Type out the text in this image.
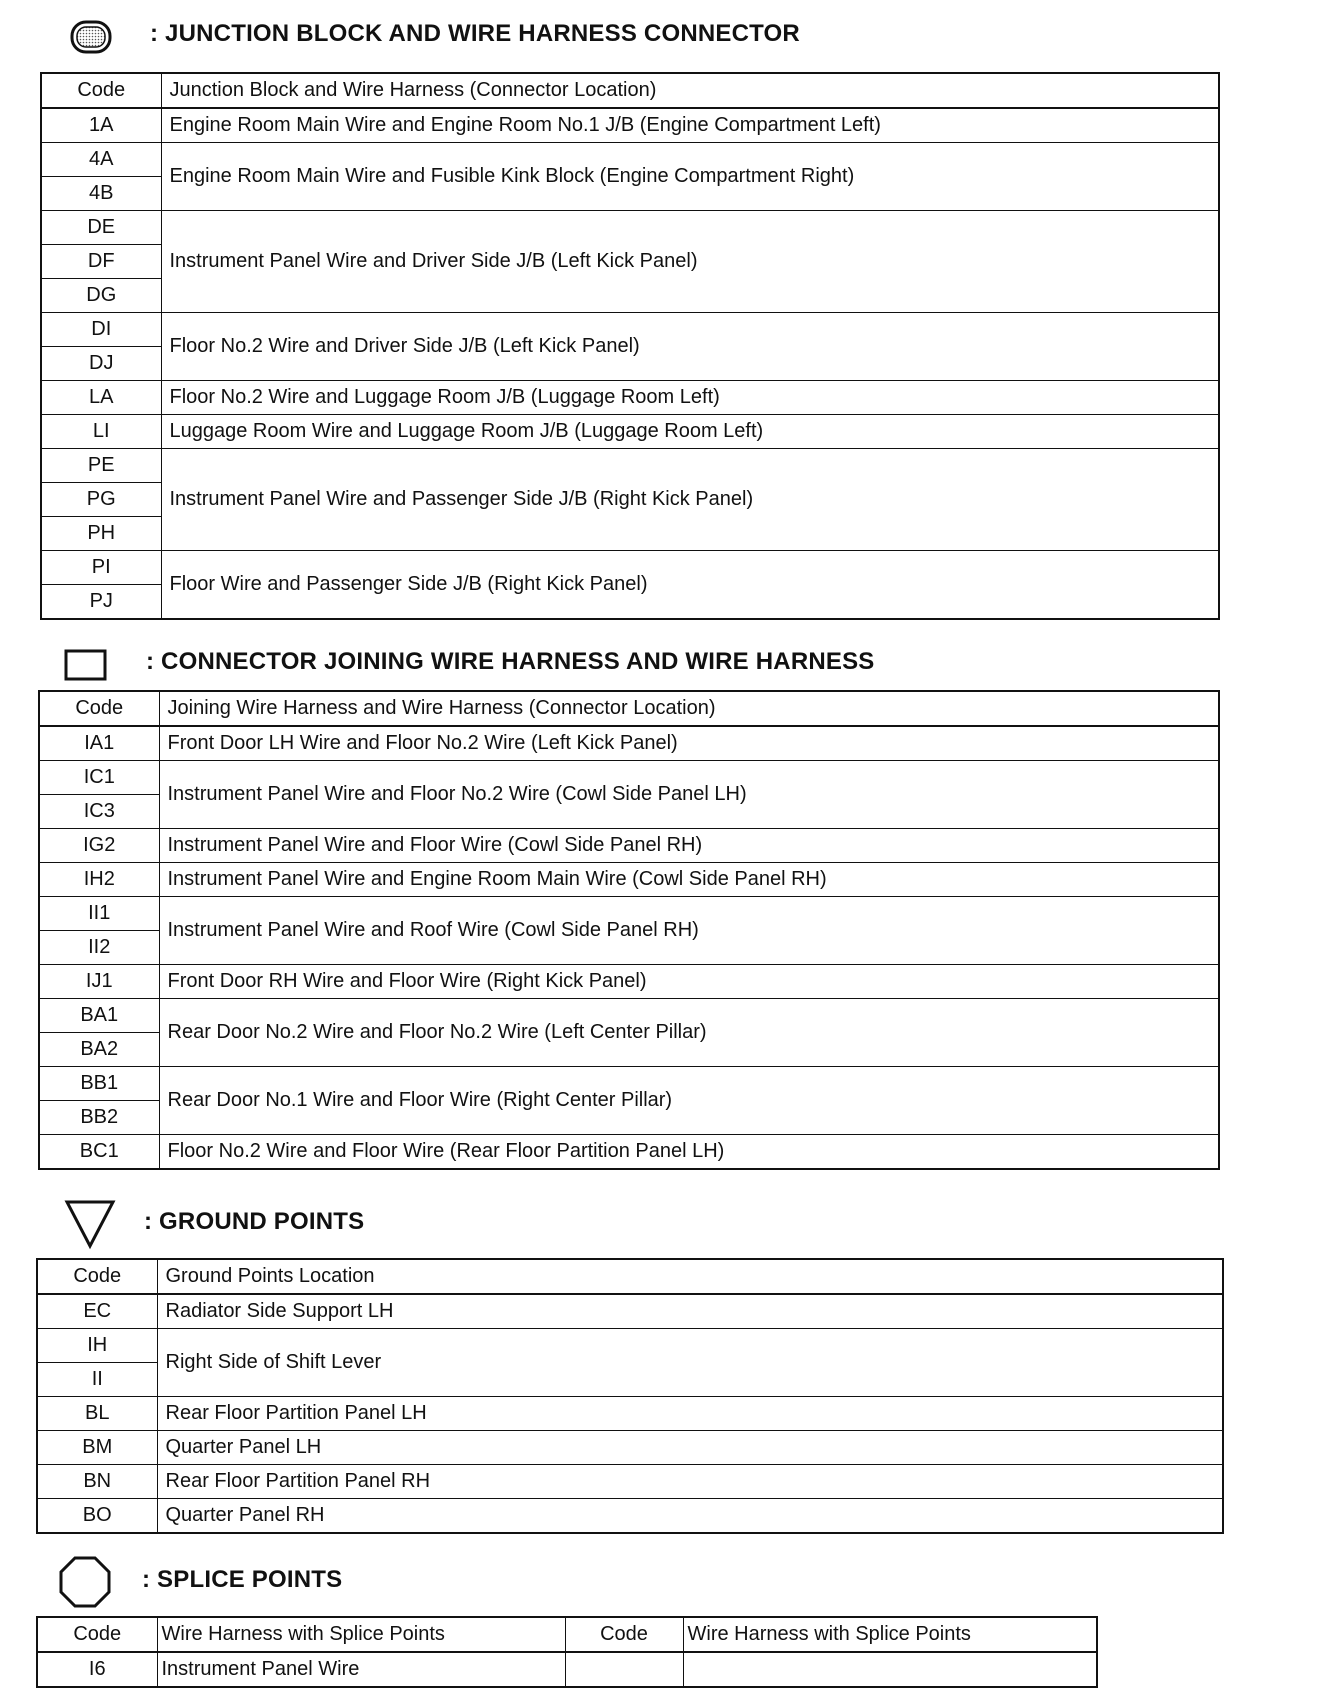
: JUNCTION BLOCK AND WIRE HARNESS CONNECTOR
Code	Junction Block and Wire Harness (Connector Location)
1A	Engine Room Main Wire and Engine Room No.1 J/B (Engine Compartment Left)
4A	Engine Room Main Wire and Fusible Kink Block (Engine Compartment Right)
4B	
DE	Instrument Panel Wire and Driver Side J/B (Left Kick Panel)
DF	
DG	
DI	Floor No.2 Wire and Driver Side J/B (Left Kick Panel)
DJ	
LA	Floor No.2 Wire and Luggage Room J/B (Luggage Room Left)
LI	Luggage Room Wire and Luggage Room J/B (Luggage Room Left)
PE	Instrument Panel Wire and Passenger Side J/B (Right Kick Panel)
PG	
PH	
PI	Floor Wire and Passenger Side J/B (Right Kick Panel)
PJ	
: CONNECTOR JOINING WIRE HARNESS AND WIRE HARNESS
Code	Joining Wire Harness and Wire Harness (Connector Location)
IA1	Front Door LH Wire and Floor No.2 Wire (Left Kick Panel)
IC1	Instrument Panel Wire and Floor No.2 Wire (Cowl Side Panel LH)
IC3	
IG2	Instrument Panel Wire and Floor Wire (Cowl Side Panel RH)
IH2	Instrument Panel Wire and Engine Room Main Wire (Cowl Side Panel RH)
II1	Instrument Panel Wire and Roof Wire (Cowl Side Panel RH)
II2	
IJ1	Front Door RH Wire and Floor Wire (Right Kick Panel)
BA1	Rear Door No.2 Wire and Floor No.2 Wire (Left Center Pillar)
BA2	
BB1	Rear Door No.1 Wire and Floor Wire (Right Center Pillar)
BB2	
BC1	Floor No.2 Wire and Floor Wire (Rear Floor Partition Panel LH)
: GROUND POINTS
Code	Ground Points Location
EC	Radiator Side Support LH
IH	Right Side of Shift Lever
II	
BL	Rear Floor Partition Panel LH
BM	Quarter Panel LH
BN	Rear Floor Partition Panel RH
BO	Quarter Panel RH
: SPLICE POINTS
Code	Wire Harness with Splice Points	Code	Wire Harness with Splice Points
I6	Instrument Panel Wire		
